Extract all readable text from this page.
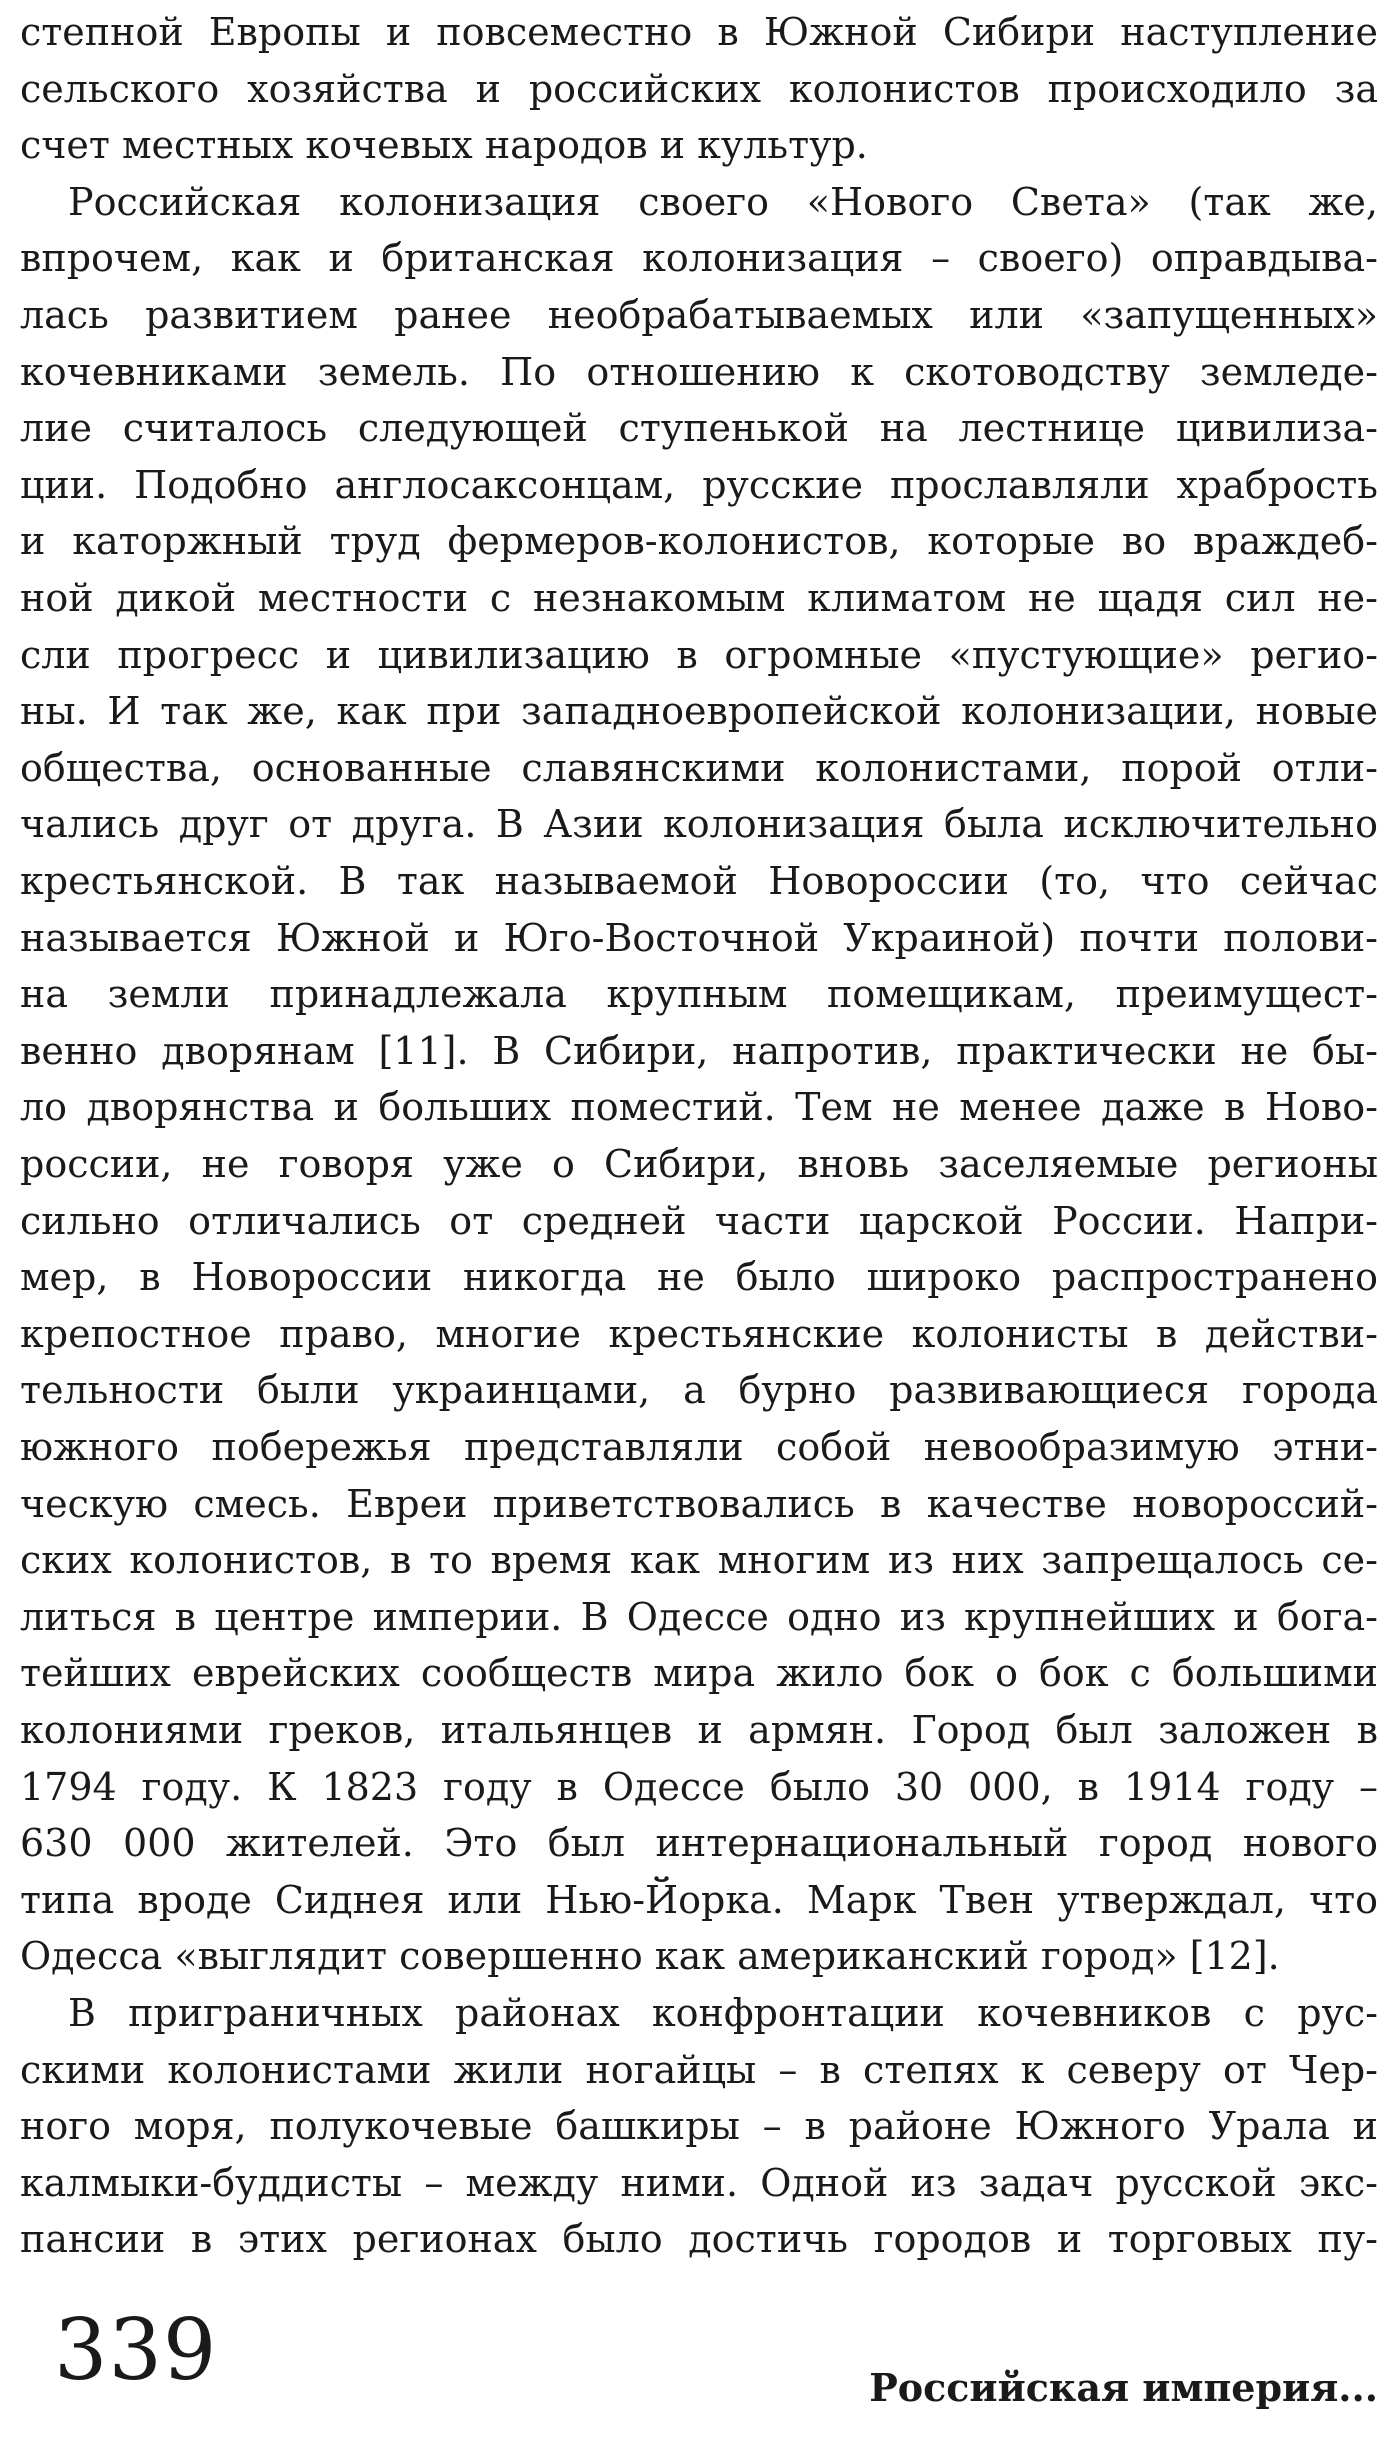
степной Европы и повсеместно в Южной Сибири наступление
сельского хозяйства и российских колонистов происходило за
счет местных кочевых народов и культур.
Российская колонизация своего «Нового Света» (так же,
впрочем, как и британская колонизация – своего) оправдыва-
лась развитием ранее необрабатываемых или «запущенных»
кочевниками земель. По отношению к скотоводству земледе-
лие считалось следующей ступенькой на лестнице цивилиза-
ции. Подобно англосаксонцам, русские прославляли храбрость
и каторжный труд фермеров-колонистов, которые во враждеб-
ной дикой местности с незнакомым климатом не щадя сил не-
сли прогресс и цивилизацию в огромные «пустующие» регио-
ны. И так же, как при западноевропейской колонизации, новые
общества, основанные славянскими колонистами, порой отли-
чались друг от друга. В Азии колонизация была исключительно
крестьянской. В так называемой Новороссии (то, что сейчас
называется Южной и Юго-Восточной Украиной) почти полови-
на земли принадлежала крупным помещикам, преимущест-
венно дворянам [11]. В Сибири, напротив, практически не бы-
ло дворянства и больших поместий. Тем не менее даже в Ново-
россии, не говоря уже о Сибири, вновь заселяемые регионы
сильно отличались от средней части царской России. Напри-
мер, в Новороссии никогда не было широко распространено
крепостное право, многие крестьянские колонисты в действи-
тельности были украинцами, а бурно развивающиеся города
южного побережья представляли собой невообразимую этни-
ческую смесь. Евреи приветствовались в качестве новороссий-
ских колонистов, в то время как многим из них запрещалось се-
литься в центре империи. В Одессе одно из крупнейших и бога-
тейших еврейских сообществ мира жило бок о бок с большими
колониями греков, итальянцев и армян. Город был заложен в
1794 году. К 1823 году в Одессе было 30 000, в 1914 году –
630 000 жителей. Это был интернациональный город нового
типа вроде Сиднея или Нью-Йорка. Марк Твен утверждал, что
Одесса «выглядит совершенно как американский город» [12].
В приграничных районах конфронтации кочевников с рус-
скими колонистами жили ногайцы – в степях к северу от Чер-
ного моря, полукочевые башкиры – в районе Южного Урала и
калмыки-буддисты – между ними. Одной из задач русской экс-
пансии в этих регионах было достичь городов и торговых пу-
339	Российская империя...
